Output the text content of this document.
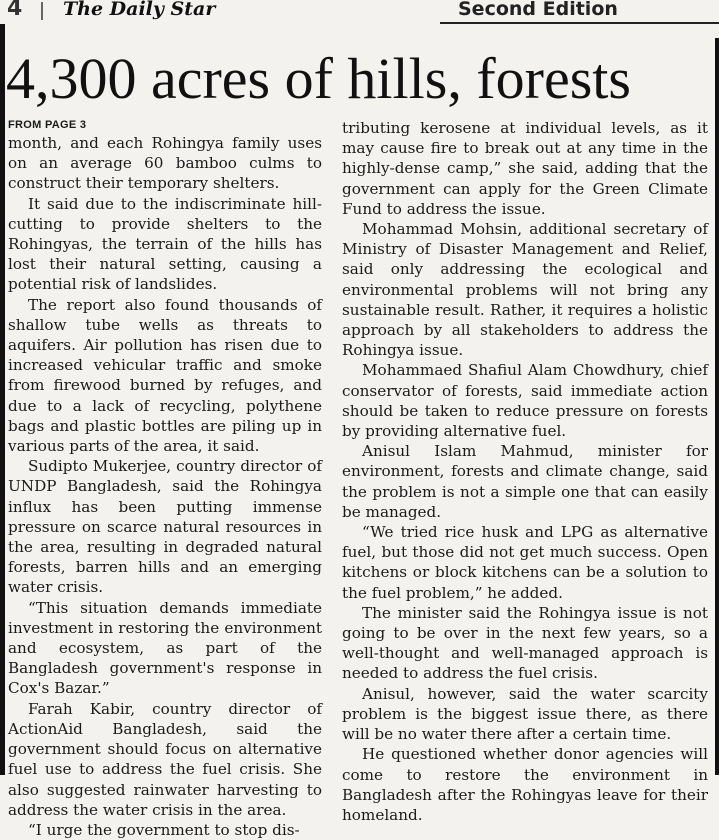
4 The Daily Star	Second Edition
4,300 acres of hills, forests
FROM PAGE 3

month, and each Rohingya family uses on an average 60 bamboo culms to construct their temporary shelters.

It said due to the indiscriminate hill-cutting to provide shelters to the Rohingyas, the terrain of the hills has lost their natural setting, causing a potential risk of landslides.

The report also found thousands of shallow tube wells as threats to aquifers. Air pollution has risen due to increased vehicular traffic and smoke from firewood burned by refuges, and due to a lack of recycling, polythene bags and plastic bottles are piling up in various parts of the area, it said.

Sudipto Mukerjee, country director of UNDP Bangladesh, said the Rohingya influx has been putting immense pressure on scarce natural resources in the area, resulting in degraded natural forests, barren hills and an emerging water crisis.

“This situation demands immediate investment in restoring the environment and ecosystem, as part of the Bangladesh government's response in Cox's Bazar.”

Farah Kabir, country director of ActionAid Bangladesh, said the government should focus on alternative fuel use to address the fuel crisis. She also suggested rainwater harvesting to address the water crisis in the area.

“I urge the government to stop dis-

tributing kerosene at individual levels, as it may cause fire to break out at any time in the highly-dense camp,” she said, adding that the government can apply for the Green Climate Fund to address the issue.

Mohammad Mohsin, additional secretary of Ministry of Disaster Management and Relief, said only addressing the ecological and environmental problems will not bring any sustainable result. Rather, it requires a holistic approach by all stakeholders to address the Rohingya issue.

Mohammaed Shafiul Alam Chowdhury, chief conservator of forests, said immediate action should be taken to reduce pressure on forests by providing alternative fuel.

Anisul Islam Mahmud, minister for environment, forests and climate change, said the problem is not a simple one that can easily be managed.

“We tried rice husk and LPG as alternative fuel, but those did not get much success. Open kitchens or block kitchens can be a solution to the fuel problem,” he added.

The minister said the Rohingya issue is not going to be over in the next few years, so a well-thought and well-managed approach is needed to address the fuel crisis.

Anisul, however, said the water scarcity problem is the biggest issue there, as there will be no water there after a certain time.

He questioned whether donor agencies will come to restore the environment in Bangladesh after the Rohingyas leave for their homeland.
